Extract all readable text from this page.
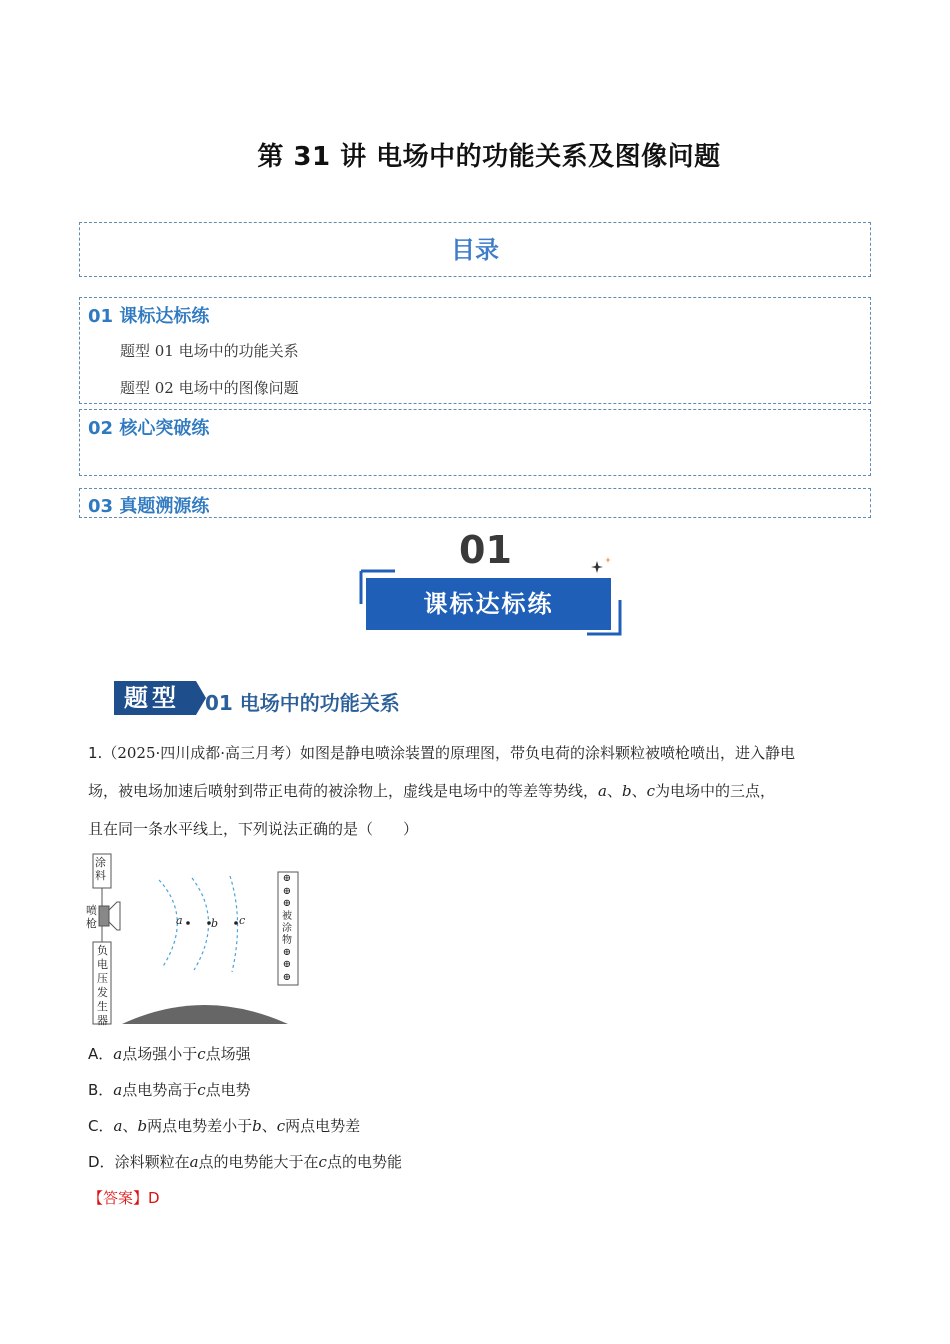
第 31 讲 电场中的功能关系及图像问题
目录
01 课标达标练
题型 01 电场中的功能关系
题型 02 电场中的图像问题
02 核心突破练
03 真题溯源练
01
课标达标练
题型 01 电场中的功能关系
1.（2025·四川成都·高三月考）如图是静电喷涂装置的原理图，带负电荷的涂料颗粒被喷枪喷出，进入静电
场，被电场加速后喷射到带正电荷的被涂物上，虚线是电场中的等差等势线，a、b、c为电场中的三点，
且在同一条水平线上，下列说法正确的是（　　）
涂料
喷枪
负电压发生器
a	b c
⊕
⊕
⊕
被涂物
⊕
⊕
⊕
A．a点场强小于c点场强
B．a点电势高于c点电势
C．a、b两点电势差小于b、c两点电势差
D．涂料颗粒在a点的电势能大于在c点的电势能
【答案】D
